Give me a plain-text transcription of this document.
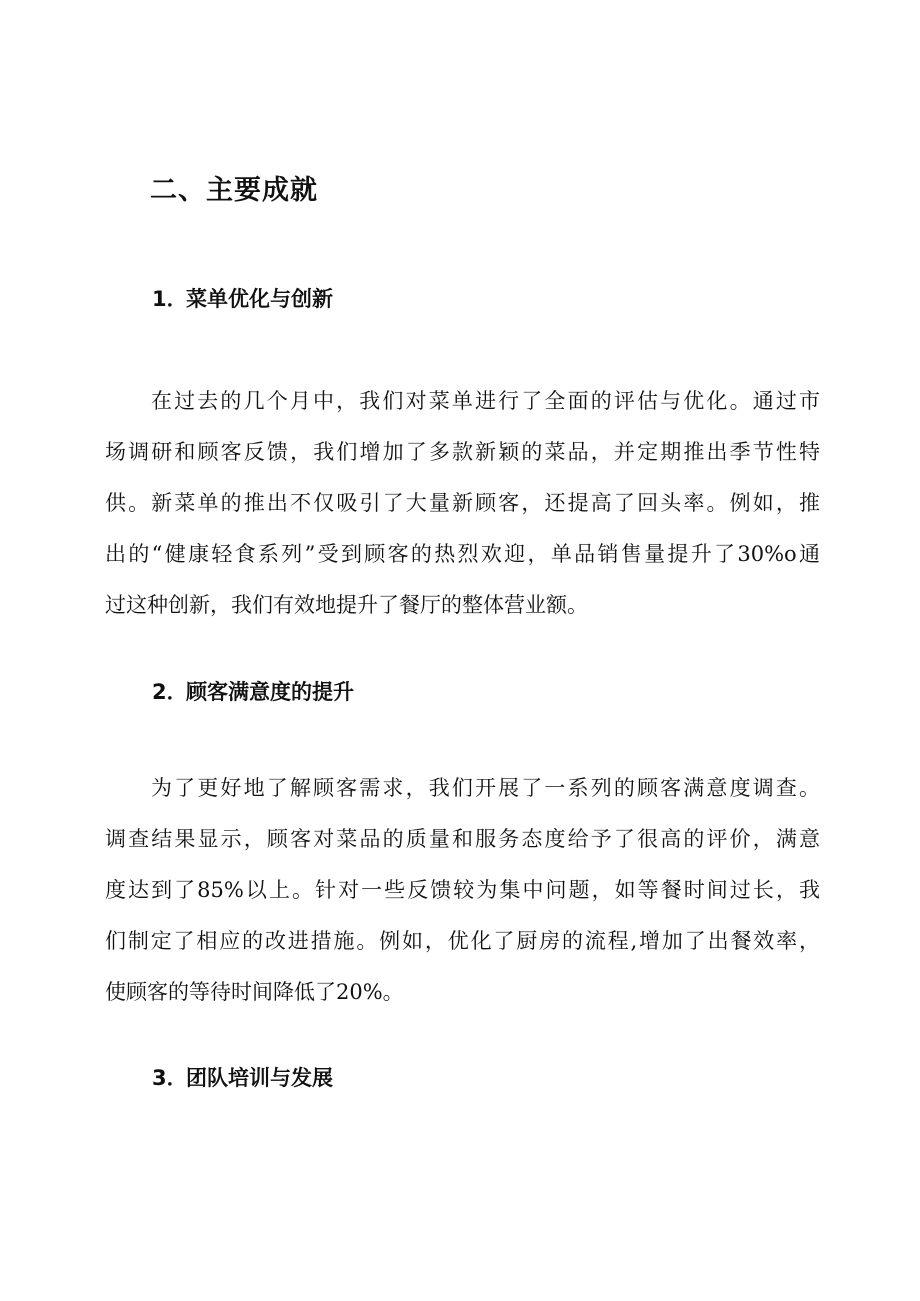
二、主要成就
1．菜单优化与创新
在过去的几个月中，我们对菜单进行了全面的评估与优化。通过市
场调研和顾客反馈，我们增加了多款新颖的菜品，并定期推出季节性特
供。新菜单的推出不仅吸引了大量新顾客，还提高了回头率。例如，推
出的“健康轻食系列”受到顾客的热烈欢迎，单品销售量提升了30%o通
过这种创新，我们有效地提升了餐厅的整体营业额。
2．顾客满意度的提升
为了更好地了解顾客需求，我们开展了一系列的顾客满意度调查。
调查结果显示，顾客对菜品的质量和服务态度给予了很高的评价，满意
度达到了85%以上。针对一些反馈较为集中问题，如等餐时间过长，我
们制定了相应的改进措施。例如，优化了厨房的流程,增加了出餐效率，
使顾客的等待时间降低了20%。
3．团队培训与发展
